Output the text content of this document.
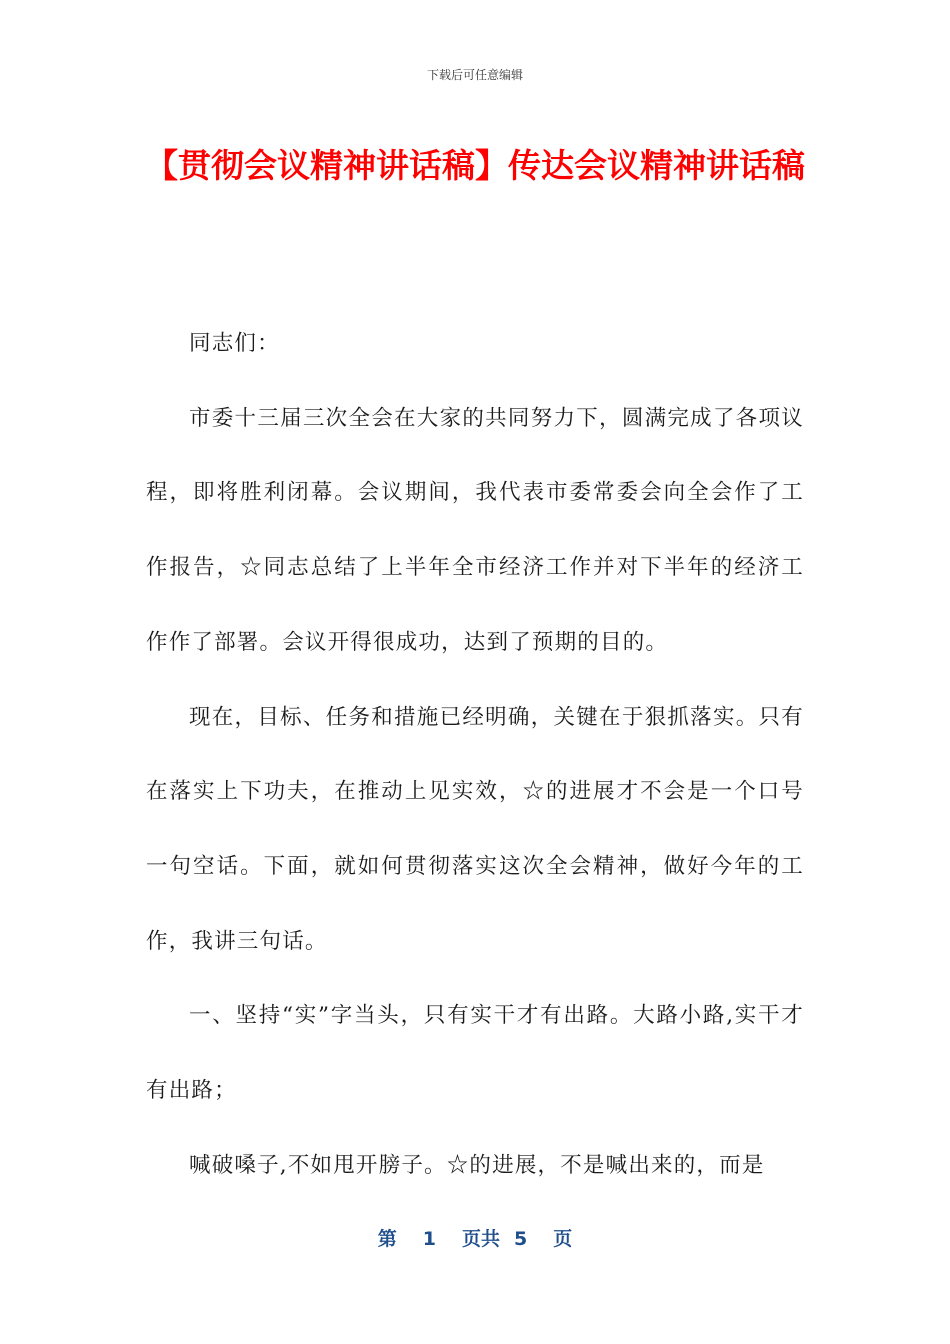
下载后可任意编辑
【贯彻会议精神讲话稿】传达会议精神讲话稿

同志们：

市委十三届三次全会在大家的共同努力下，圆满完成了各项议程，即将胜利闭幕。会议期间，我代表市委常委会向全会作了工作报告，☆同志总结了上半年全市经济工作并对下半年的经济工作作了部署。会议开得很成功，达到了预期的目的。

现在，目标、任务和措施已经明确，关键在于狠抓落实。只有在落实上下功夫，在推动上见实效，☆的进展才不会是一个口号一句空话。下面，就如何贯彻落实这次全会精神，做好今年的工作，我讲三句话。

一、坚持“实”字当头，只有实干才有出路。大路小路,实干才有出路；

喊破嗓子,不如甩开膀子。☆的进展，不是喊出来的，而是

第 1 页共 5 页
